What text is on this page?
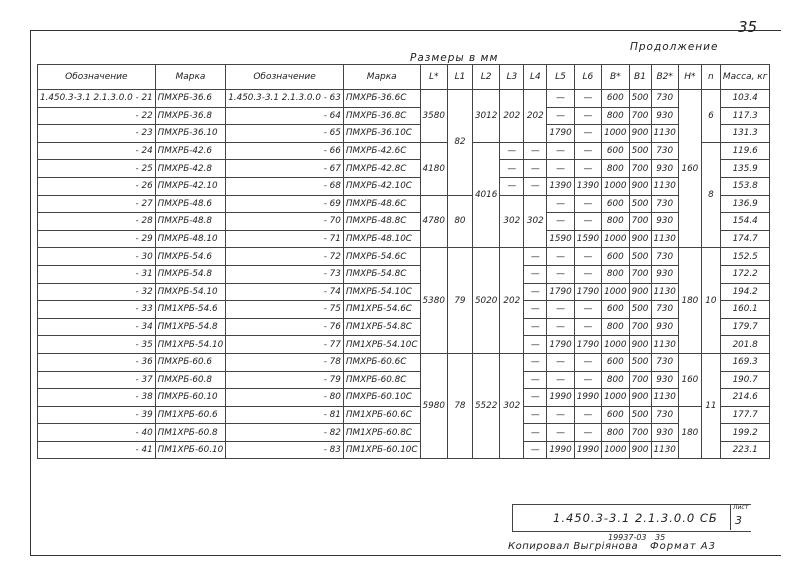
35
Продолжение
Размеры в мм
Обозначение	Марка	Обозначение	Марка	L*	L1	L2	L3	L4	L5	L6	B*	B1	B2*	H*	n	Масса, кг
1.450.3-3.1 2.1.3.0.0 - 21	ПМХРБ-36.6	1.450.3-3.1 2.1.3.0.0 - 63	ПМХРБ-36.6С	3580	82	3012	202	202	—	—	600	500	730	160	6	103.4
- 22	ПМХРБ-36.8	- 64	ПМХРБ-36.8С						—	—	800	700	930			117.3
- 23	ПМХРБ-36.10	- 65	ПМХРБ-36.10С						1790	—	1000	900	1130			131.3
- 24	ПМХРБ-42.6	- 66	ПМХРБ-42.6С	4180		4016	—	—	—	—	600	500	730		8	119.6
- 25	ПМХРБ-42.8	- 67	ПМХРБ-42.8С				—	—	—	—	800	700	930			135.9
- 26	ПМХРБ-42.10	- 68	ПМХРБ-42.10С				—	—	1390	1390	1000	900	1130			153.8
- 27	ПМХРБ-48.6	- 69	ПМХРБ-48.6С	4780	80		302	302	—	—	600	500	730			136.9
- 28	ПМХРБ-48.8	- 70	ПМХРБ-48.8С						—	—	800	700	930			154.4
- 29	ПМХРБ-48.10	- 71	ПМХРБ-48.10С						1590	1590	1000	900	1130			174.7
- 30	ПМХРБ-54.6	- 72	ПМХРБ-54.6С	5380	79	5020	202	—	—	—	600	500	730	180	10	152.5
- 31	ПМХРБ-54.8	- 73	ПМХРБ-54.8С					—	—	—	800	700	930			172.2
- 32	ПМХРБ-54.10	- 74	ПМХРБ-54.10С					—	1790	1790	1000	900	1130			194.2
- 33	ПМ1ХРБ-54.6	- 75	ПМ1ХРБ-54.6С					—	—	—	600	500	730			160.1
- 34	ПМ1ХРБ-54.8	- 76	ПМ1ХРБ-54.8С					—	—	—	800	700	930			179.7
- 35	ПМ1ХРБ-54.10	- 77	ПМ1ХРБ-54.10С					—	1790	1790	1000	900	1130			201.8
- 36	ПМХРБ-60.6	- 78	ПМХРБ-60.6С	5980	78	5522	302	—	—	—	600	500	730	160	11	169.3
- 37	ПМХРБ-60.8	- 79	ПМХРБ-60.8С					—	—	—	800	700	930			190.7
- 38	ПМХРБ-60.10	- 80	ПМХРБ-60.10С					—	1990	1990	1000	900	1130			214.6
- 39	ПМ1ХРБ-60.6	- 81	ПМ1ХРБ-60.6С					—	—	—	600	500	730	180		177.7
- 40	ПМ1ХРБ-60.8	- 82	ПМ1ХРБ-60.8С					—	—	—	800	700	930			199.2
- 41	ПМ1ХРБ-60.10	- 83	ПМ1ХРБ-60.10С					—	1990	1990	1000	900	1130			223.1
1.450.3-3.1 2.1.3.0.0 СБ
Лист
3
19937-03 35
Копировал Выгрiянова Формат А3
